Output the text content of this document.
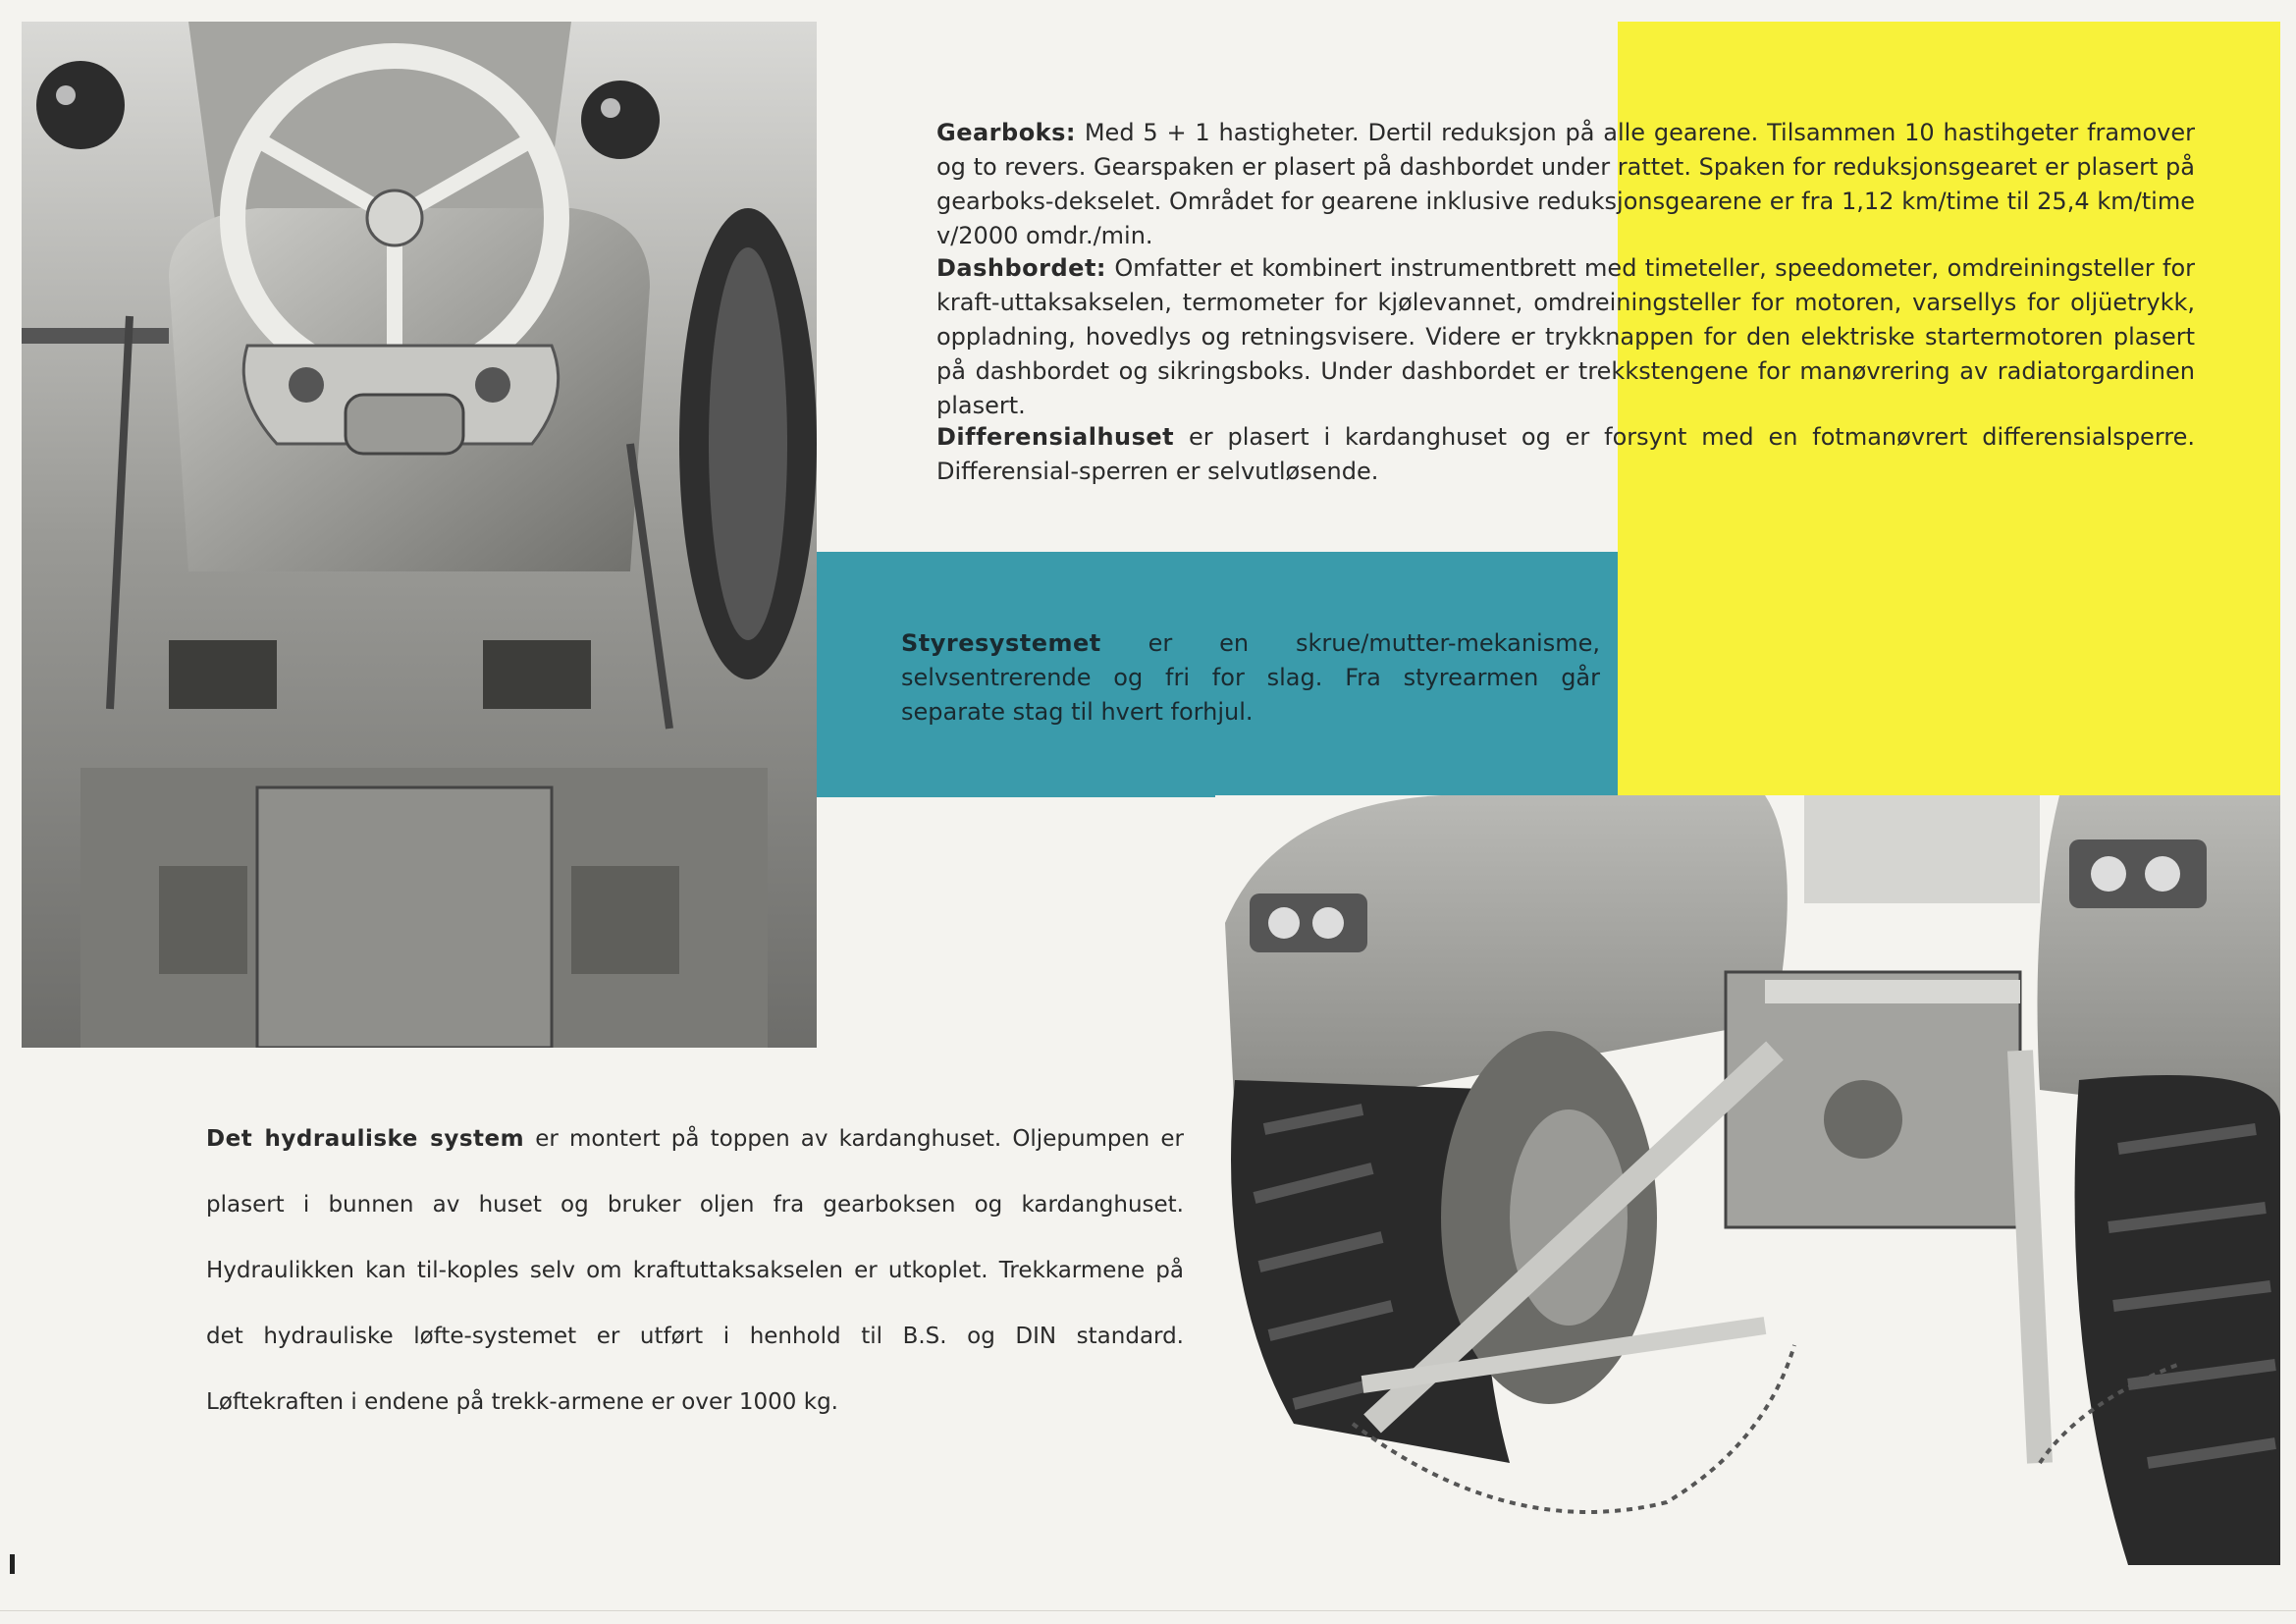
Gearboks: Med 5 + 1 hastigheter. Dertil reduksjon på alle gearene. Tilsammen 10 hastihgeter framover og to revers. Gearspaken er plasert på dashbordet under rattet. Spaken for reduksjonsgearet er plasert på gearboks-dekselet. Området for gearene inklusive reduksjonsgearene er fra 1,12 km/time til 25,4 km/time v/2000 omdr./min.

Dashbordet: Omfatter et kombinert instrumentbrett med timeteller, speedometer, omdreiningsteller for kraft-uttaksakselen, termometer for kjølevannet, omdreiningsteller for motoren, varsellys for oljüetrykk, oppladning, hovedlys og retningsvisere. Videre er trykknappen for den elektriske startermotoren plasert på dashbordet og sikringsboks. Under dashbordet er trekkstengene for manøvrering av radiatorgardinen plasert.

Differensialhuset er plasert i kardanghuset og er forsynt med en fotmanøvrert differensialsperre. Differensial-sperren er selvutløsende.

Styresystemet er en skrue/mutter-mekanisme, selvsentrerende og fri for slag. Fra styrearmen går separate stag til hvert forhjul.

Det hydrauliske system er montert på toppen av kardanghuset. Oljepumpen er plasert i bunnen av huset og bruker oljen fra gearboksen og kardanghuset. Hydraulikken kan til-koples selv om kraftuttaksakselen er utkoplet. Trekkarmene på det hydrauliske løfte-systemet er utført i henhold til B.S. og DIN standard. Løftekraften i endene på trekk-armene er over 1000 kg.
